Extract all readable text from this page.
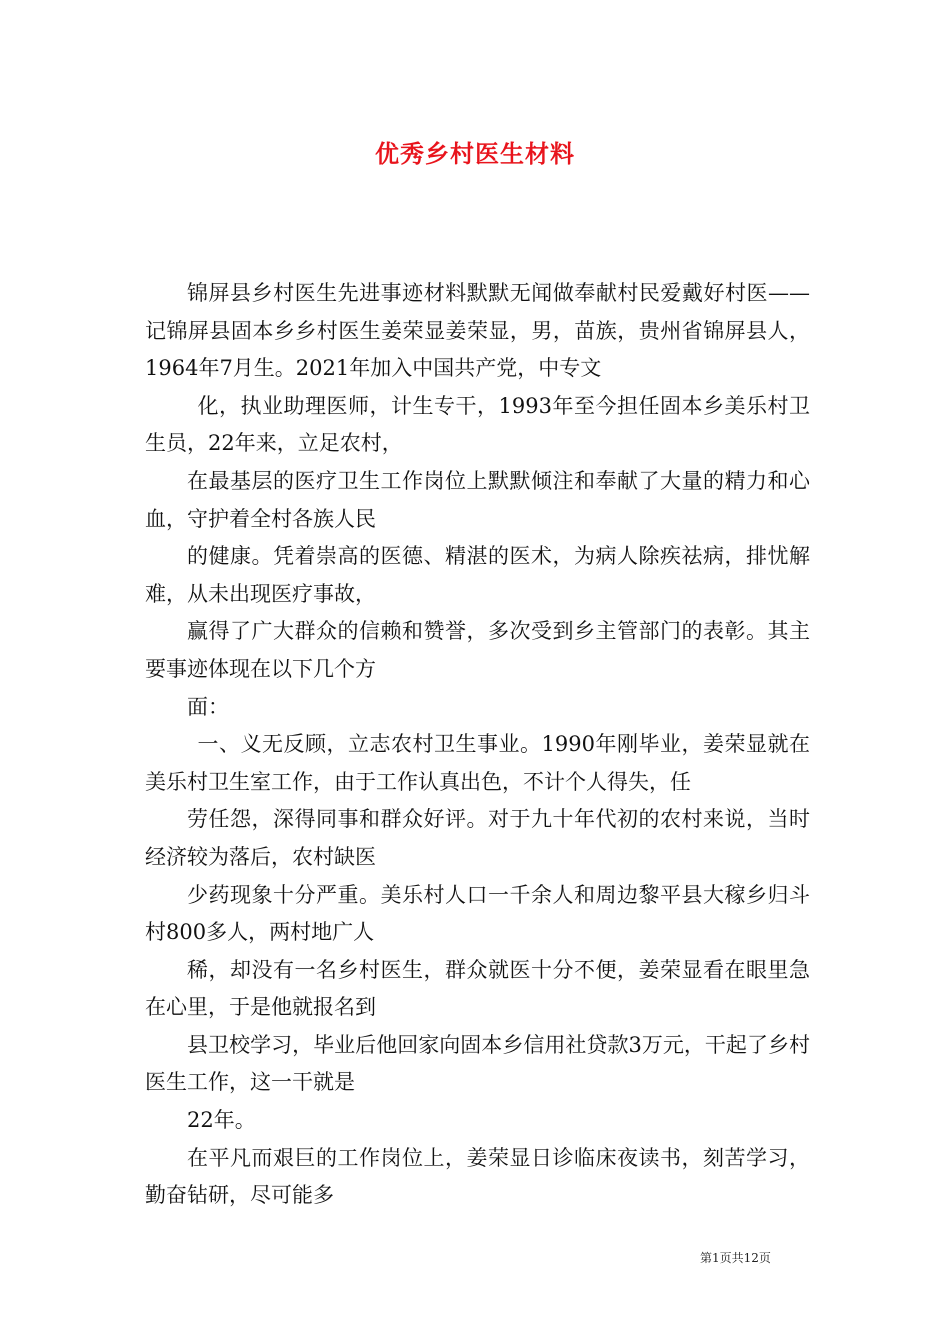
优秀乡村医生材料

锦屏县乡村医生先进事迹材料默默无闻做奉献村民爱戴好村医——记锦屏县固本乡乡村医生姜荣显姜荣显，男，苗族，贵州省锦屏县人，1964年7月生。2021年加入中国共产党，中专文

化，执业助理医师，计生专干，1993年至今担任固本乡美乐村卫生员，22年来，立足农村，

在最基层的医疗卫生工作岗位上默默倾注和奉献了大量的精力和心血，守护着全村各族人民

的健康。凭着崇高的医德、精湛的医术，为病人除疾祛病，排忧解难，从未出现医疗事故，

赢得了广大群众的信赖和赞誉，多次受到乡主管部门的表彰。其主要事迹体现在以下几个方

面：

一、义无反顾，立志农村卫生事业。1990年刚毕业，姜荣显就在美乐村卫生室工作，由于工作认真出色，不计个人得失，任

劳任怨，深得同事和群众好评。对于九十年代初的农村来说，当时经济较为落后，农村缺医

少药现象十分严重。美乐村人口一千余人和周边黎平县大稼乡归斗村800多人，两村地广人

稀，却没有一名乡村医生，群众就医十分不便，姜荣显看在眼里急在心里，于是他就报名到

县卫校学习，毕业后他回家向固本乡信用社贷款3万元，干起了乡村医生工作，这一干就是

22年。

在平凡而艰巨的工作岗位上，姜荣显日诊临床夜读书，刻苦学习，勤奋钻研，尽可能多

第1页共12页
